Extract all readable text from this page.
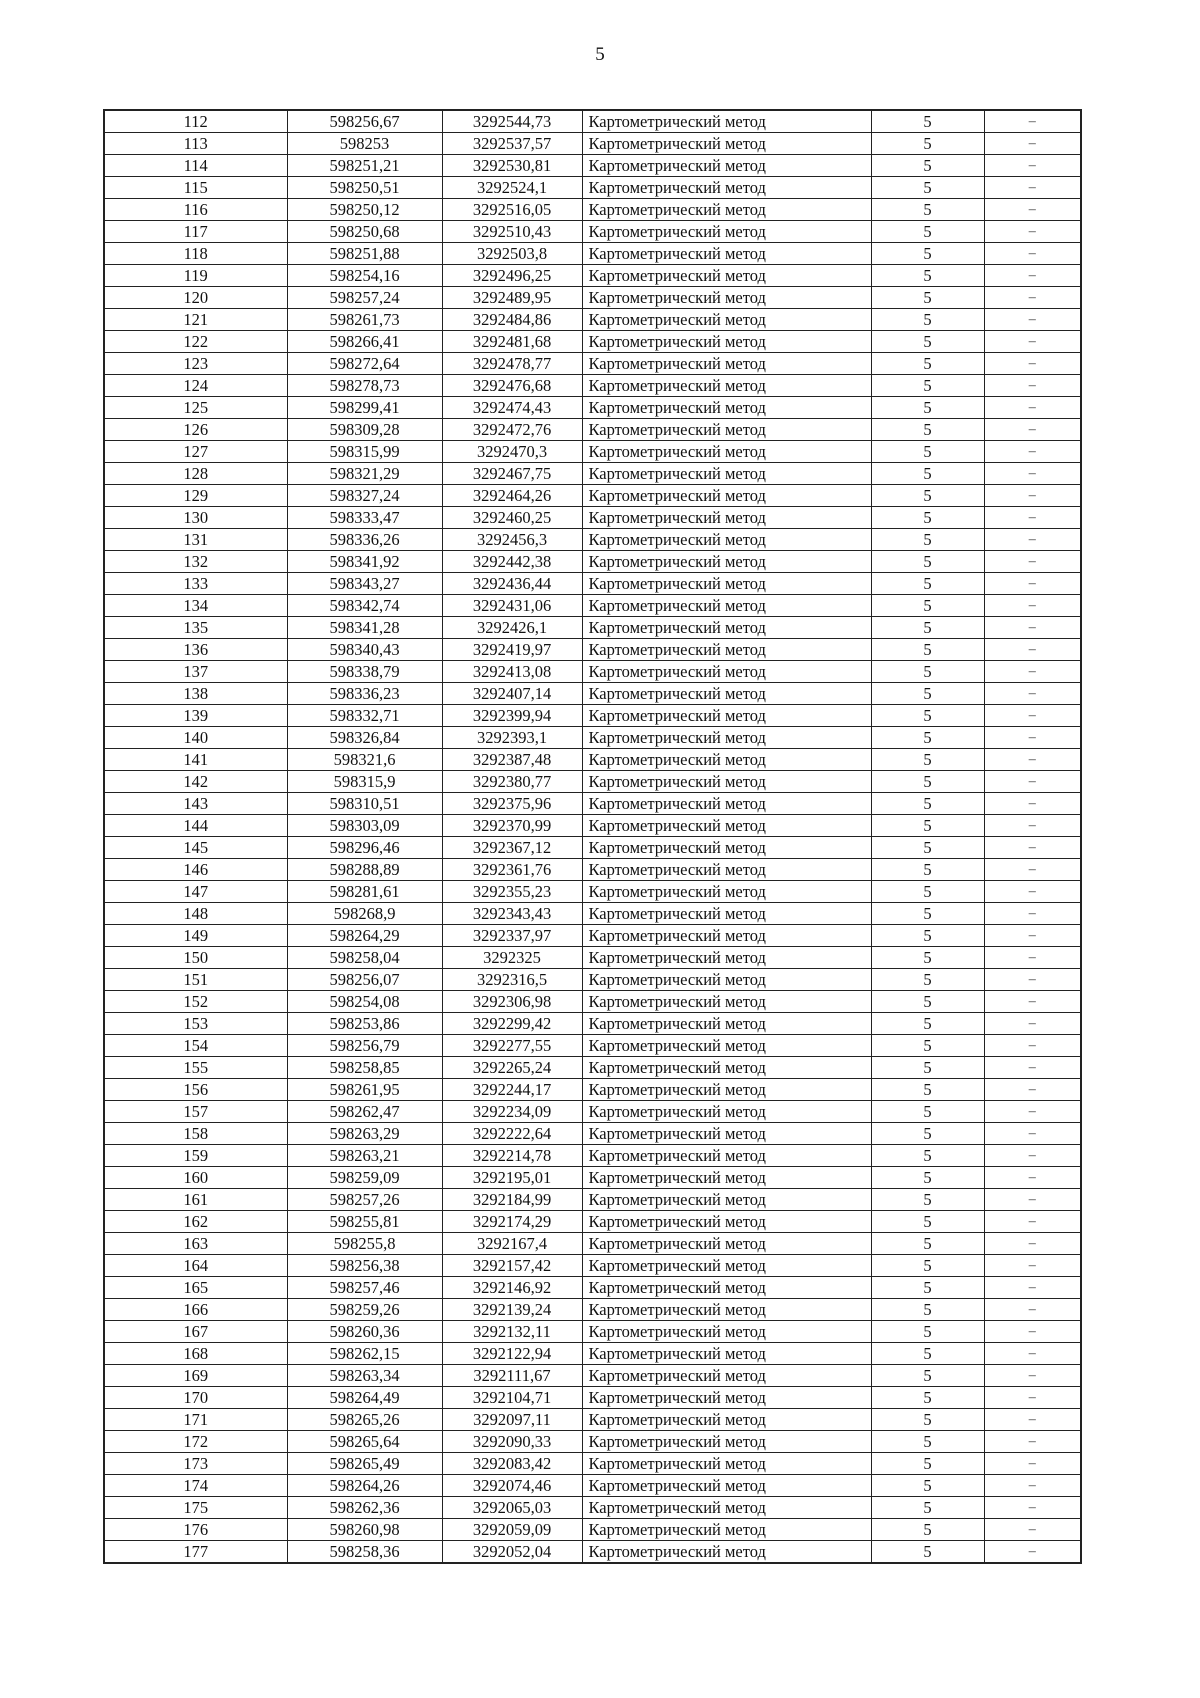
5
112	598256,67	3292544,73	Картометрический метод	5	–
113	598253	3292537,57	Картометрический метод	5	–
114	598251,21	3292530,81	Картометрический метод	5	–
115	598250,51	3292524,1	Картометрический метод	5	–
116	598250,12	3292516,05	Картометрический метод	5	–
117	598250,68	3292510,43	Картометрический метод	5	–
118	598251,88	3292503,8	Картометрический метод	5	–
119	598254,16	3292496,25	Картометрический метод	5	–
120	598257,24	3292489,95	Картометрический метод	5	–
121	598261,73	3292484,86	Картометрический метод	5	–
122	598266,41	3292481,68	Картометрический метод	5	–
123	598272,64	3292478,77	Картометрический метод	5	–
124	598278,73	3292476,68	Картометрический метод	5	–
125	598299,41	3292474,43	Картометрический метод	5	–
126	598309,28	3292472,76	Картометрический метод	5	–
127	598315,99	3292470,3	Картометрический метод	5	–
128	598321,29	3292467,75	Картометрический метод	5	–
129	598327,24	3292464,26	Картометрический метод	5	–
130	598333,47	3292460,25	Картометрический метод	5	–
131	598336,26	3292456,3	Картометрический метод	5	–
132	598341,92	3292442,38	Картометрический метод	5	–
133	598343,27	3292436,44	Картометрический метод	5	–
134	598342,74	3292431,06	Картометрический метод	5	–
135	598341,28	3292426,1	Картометрический метод	5	–
136	598340,43	3292419,97	Картометрический метод	5	–
137	598338,79	3292413,08	Картометрический метод	5	–
138	598336,23	3292407,14	Картометрический метод	5	–
139	598332,71	3292399,94	Картометрический метод	5	–
140	598326,84	3292393,1	Картометрический метод	5	–
141	598321,6	3292387,48	Картометрический метод	5	–
142	598315,9	3292380,77	Картометрический метод	5	–
143	598310,51	3292375,96	Картометрический метод	5	–
144	598303,09	3292370,99	Картометрический метод	5	–
145	598296,46	3292367,12	Картометрический метод	5	–
146	598288,89	3292361,76	Картометрический метод	5	–
147	598281,61	3292355,23	Картометрический метод	5	–
148	598268,9	3292343,43	Картометрический метод	5	–
149	598264,29	3292337,97	Картометрический метод	5	–
150	598258,04	3292325	Картометрический метод	5	–
151	598256,07	3292316,5	Картометрический метод	5	–
152	598254,08	3292306,98	Картометрический метод	5	–
153	598253,86	3292299,42	Картометрический метод	5	–
154	598256,79	3292277,55	Картометрический метод	5	–
155	598258,85	3292265,24	Картометрический метод	5	–
156	598261,95	3292244,17	Картометрический метод	5	–
157	598262,47	3292234,09	Картометрический метод	5	–
158	598263,29	3292222,64	Картометрический метод	5	–
159	598263,21	3292214,78	Картометрический метод	5	–
160	598259,09	3292195,01	Картометрический метод	5	–
161	598257,26	3292184,99	Картометрический метод	5	–
162	598255,81	3292174,29	Картометрический метод	5	–
163	598255,8	3292167,4	Картометрический метод	5	–
164	598256,38	3292157,42	Картометрический метод	5	–
165	598257,46	3292146,92	Картометрический метод	5	–
166	598259,26	3292139,24	Картометрический метод	5	–
167	598260,36	3292132,11	Картометрический метод	5	–
168	598262,15	3292122,94	Картометрический метод	5	–
169	598263,34	3292111,67	Картометрический метод	5	–
170	598264,49	3292104,71	Картометрический метод	5	–
171	598265,26	3292097,11	Картометрический метод	5	–
172	598265,64	3292090,33	Картометрический метод	5	–
173	598265,49	3292083,42	Картометрический метод	5	–
174	598264,26	3292074,46	Картометрический метод	5	–
175	598262,36	3292065,03	Картометрический метод	5	–
176	598260,98	3292059,09	Картометрический метод	5	–
177	598258,36	3292052,04	Картометрический метод	5	–
